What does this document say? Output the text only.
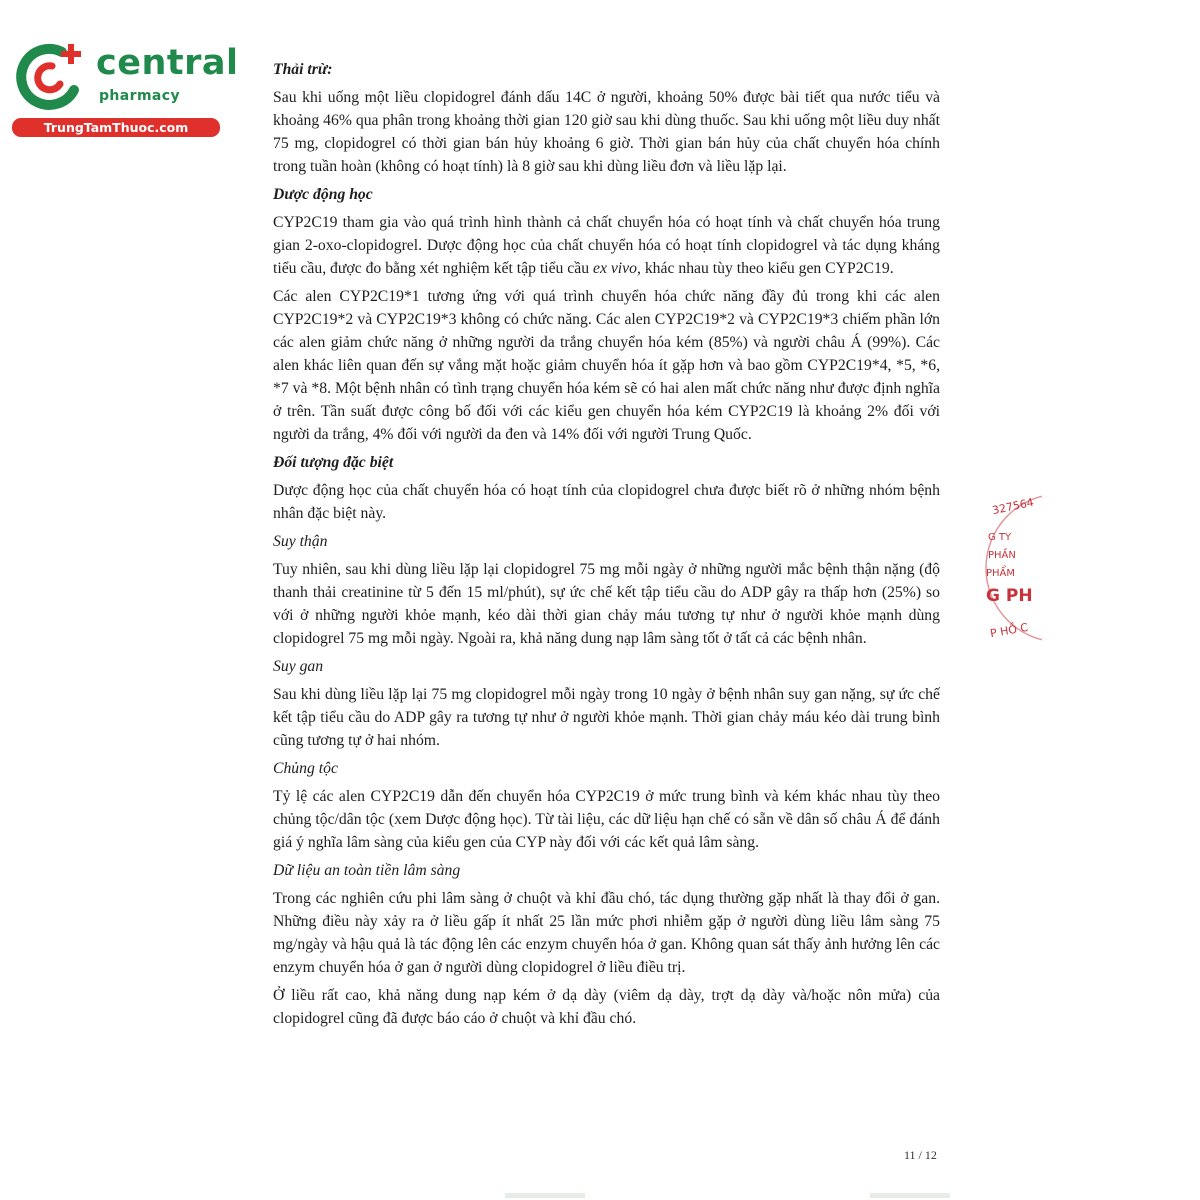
central
pharmacy
TrungTamThuoc.com
Thải trừ:

Sau khi uống một liều clopidogrel đánh dấu 14C ở người, khoảng 50% được bài tiết qua nước tiểu và khoảng 46% qua phân trong khoảng thời gian 120 giờ sau khi dùng thuốc. Sau khi uống một liều duy nhất 75 mg, clopidogrel có thời gian bán hủy khoảng 6 giờ. Thời gian bán hủy của chất chuyển hóa chính trong tuần hoàn (không có hoạt tính) là 8 giờ sau khi dùng liều đơn và liều lặp lại.

Dược động học

CYP2C19 tham gia vào quá trình hình thành cả chất chuyển hóa có hoạt tính và chất chuyển hóa trung gian 2-oxo-clopidogrel. Dược động học của chất chuyển hóa có hoạt tính clopidogrel và tác dụng kháng tiểu cầu, được đo bằng xét nghiệm kết tập tiểu cầu ex vivo, khác nhau tùy theo kiểu gen CYP2C19.

Các alen CYP2C19*1 tương ứng với quá trình chuyển hóa chức năng đầy đủ trong khi các alen CYP2C19*2 và CYP2C19*3 không có chức năng. Các alen CYP2C19*2 và CYP2C19*3 chiếm phần lớn các alen giảm chức năng ở những người da trắng chuyển hóa kém (85%) và người châu Á (99%). Các alen khác liên quan đến sự vắng mặt hoặc giảm chuyển hóa ít gặp hơn và bao gồm CYP2C19*4, *5, *6, *7 và *8. Một bệnh nhân có tình trạng chuyển hóa kém sẽ có hai alen mất chức năng như được định nghĩa ở trên. Tần suất được công bố đối với các kiểu gen chuyển hóa kém CYP2C19 là khoảng 2% đối với người da trắng, 4% đối với người da đen và 14% đối với người Trung Quốc.

Đối tượng đặc biệt

Dược động học của chất chuyển hóa có hoạt tính của clopidogrel chưa được biết rõ ở những nhóm bệnh nhân đặc biệt này.

Suy thận

Tuy nhiên, sau khi dùng liều lặp lại clopidogrel 75 mg mỗi ngày ở những người mắc bệnh thận nặng (độ thanh thải creatinine từ 5 đến 15 ml/phút), sự ức chế kết tập tiểu cầu do ADP gây ra thấp hơn (25%) so với ở những người khỏe mạnh, kéo dài thời gian chảy máu tương tự như ở người khỏe mạnh dùng clopidogrel 75 mg mỗi ngày. Ngoài ra, khả năng dung nạp lâm sàng tốt ở tất cả các bệnh nhân.

Suy gan

Sau khi dùng liều lặp lại 75 mg clopidogrel mỗi ngày trong 10 ngày ở bệnh nhân suy gan nặng, sự ức chế kết tập tiểu cầu do ADP gây ra tương tự như ở người khỏe mạnh. Thời gian chảy máu kéo dài trung bình cũng tương tự ở hai nhóm.

Chủng tộc

Tỷ lệ các alen CYP2C19 dẫn đến chuyển hóa CYP2C19 ở mức trung bình và kém khác nhau tùy theo chủng tộc/dân tộc (xem Dược động học). Từ tài liệu, các dữ liệu hạn chế có sẵn về dân số châu Á để đánh giá ý nghĩa lâm sàng của kiểu gen của CYP này đối với các kết quả lâm sàng.

Dữ liệu an toàn tiền lâm sàng

Trong các nghiên cứu phi lâm sàng ở chuột và khỉ đầu chó, tác dụng thường gặp nhất là thay đổi ở gan. Những điều này xảy ra ở liều gấp ít nhất 25 lần mức phơi nhiễm gặp ở người dùng liều lâm sàng 75 mg/ngày và hậu quả là tác động lên các enzym chuyển hóa ở gan. Không quan sát thấy ảnh hưởng lên các enzym chuyển hóa ở gan ở người dùng clopidogrel ở liều điều trị.

Ở liều rất cao, khả năng dung nạp kém ở dạ dày (viêm dạ dày, trợt dạ dày và/hoặc nôn mửa) của clopidogrel cũng đã được báo cáo ở chuột và khỉ đầu chó.

327564
G TY
PHẦN
PHẨM
G PH
P HỒ C
11 / 12
